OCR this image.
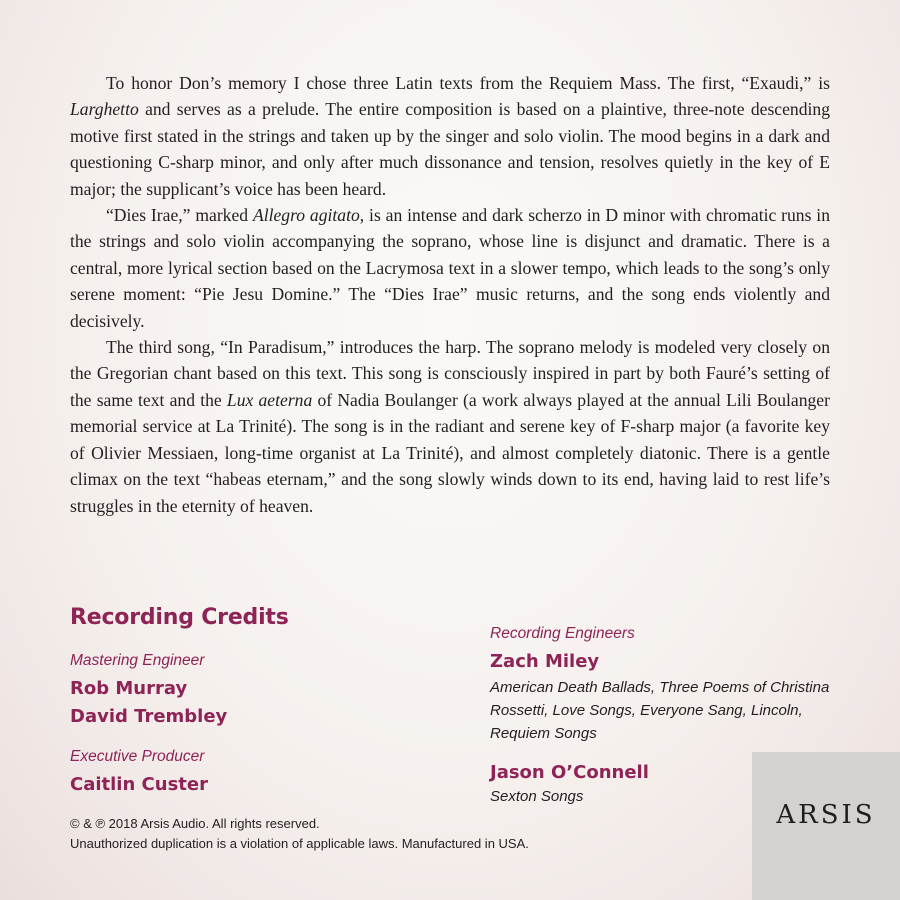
To honor Don’s memory I chose three Latin texts from the Requiem Mass. The first, “Exaudi,” is Larghetto and serves as a prelude. The entire composition is based on a plaintive, three-note descending motive first stated in the strings and taken up by the singer and solo violin. The mood begins in a dark and questioning C-sharp minor, and only after much dissonance and tension, resolves quietly in the key of E major; the supplicant’s voice has been heard.

“Dies Irae,” marked Allegro agitato, is an intense and dark scherzo in D minor with chromatic runs in the strings and solo violin accompanying the soprano, whose line is disjunct and dramatic. There is a central, more lyrical section based on the Lacrymosa text in a slower tempo, which leads to the song’s only serene moment: “Pie Jesu Domine.” The “Dies Irae” music returns, and the song ends violently and decisively.

The third song, “In Paradisum,” introduces the harp. The soprano melody is modeled very closely on the Gregorian chant based on this text. This song is consciously inspired in part by both Fauré’s setting of the same text and the Lux aeterna of Nadia Boulanger (a work always played at the annual Lili Boulanger memorial service at La Trinité). The song is in the radiant and serene key of F-sharp major (a favorite key of Olivier Messiaen, long-time organist at La Trinité), and almost completely diatonic. There is a gentle climax on the text “habeas eternam,” and the song slowly winds down to its end, having laid to rest life’s struggles in the eternity of heaven.

Recording Credits
Mastering Engineer
Rob Murray
David Trembley
Executive Producer
Caitlin Custer
Recording Engineers
Zach Miley
American Death Ballads, Three Poems of Christina Rossetti, Love Songs, Everyone Sang, Lincoln, Requiem Songs
Jason O’Connell
Sexton Songs
© & ℗ 2018 Arsis Audio. All rights reserved.
Unauthorized duplication is a violation of applicable laws. Manufactured in USA.
ARSIS
